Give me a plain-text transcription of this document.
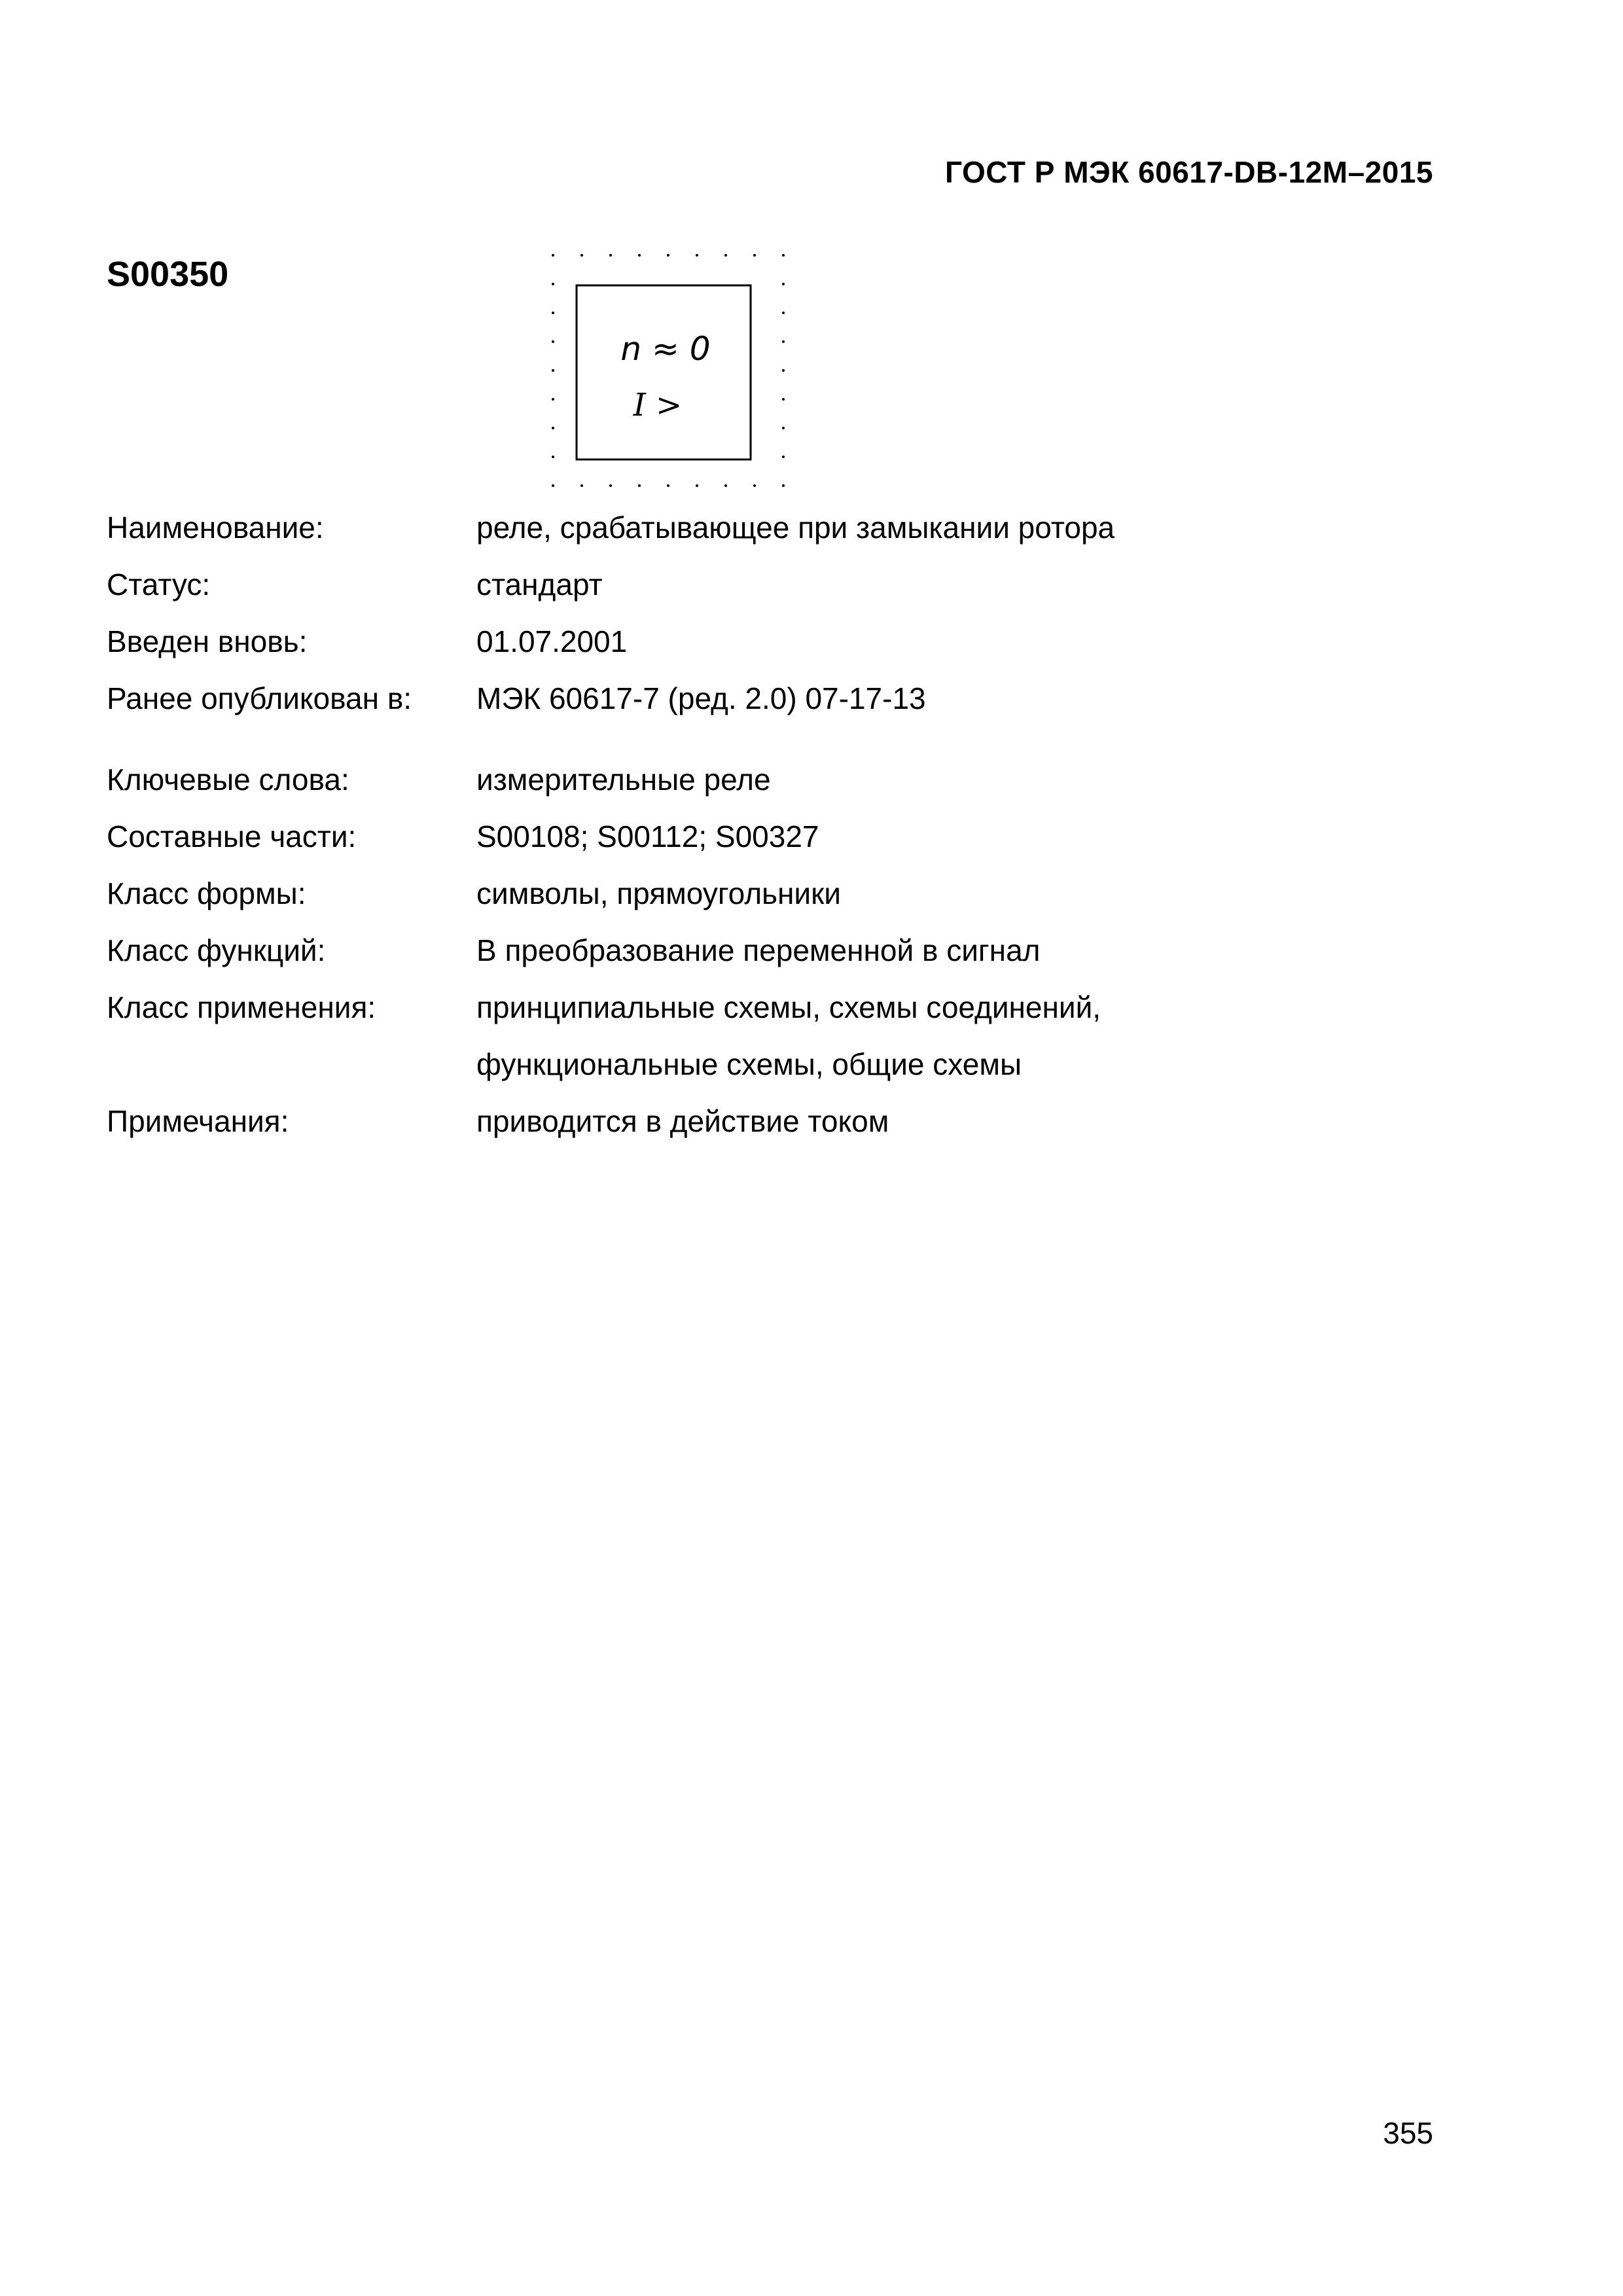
ГОСТ Р МЭК 60617-DB-12M–2015
S00350
n ≈ 0
I >
Наименование:	реле, срабатывающее при замыкании ротора
Статус:	стандарт
Введен вновь:	01.07.2001
Ранее опубликован в:	МЭК 60617-7 (ред. 2.0) 07-17-13
Ключевые слова:	измерительные реле
Составные части:	S00108; S00112; S00327
Класс формы:	символы, прямоугольники
Класс функций:	В преобразование переменной в сигнал
Класс применения:	принципиальные схемы, схемы соединений,
функциональные схемы, общие схемы
Примечания:	приводится в действие током
355
